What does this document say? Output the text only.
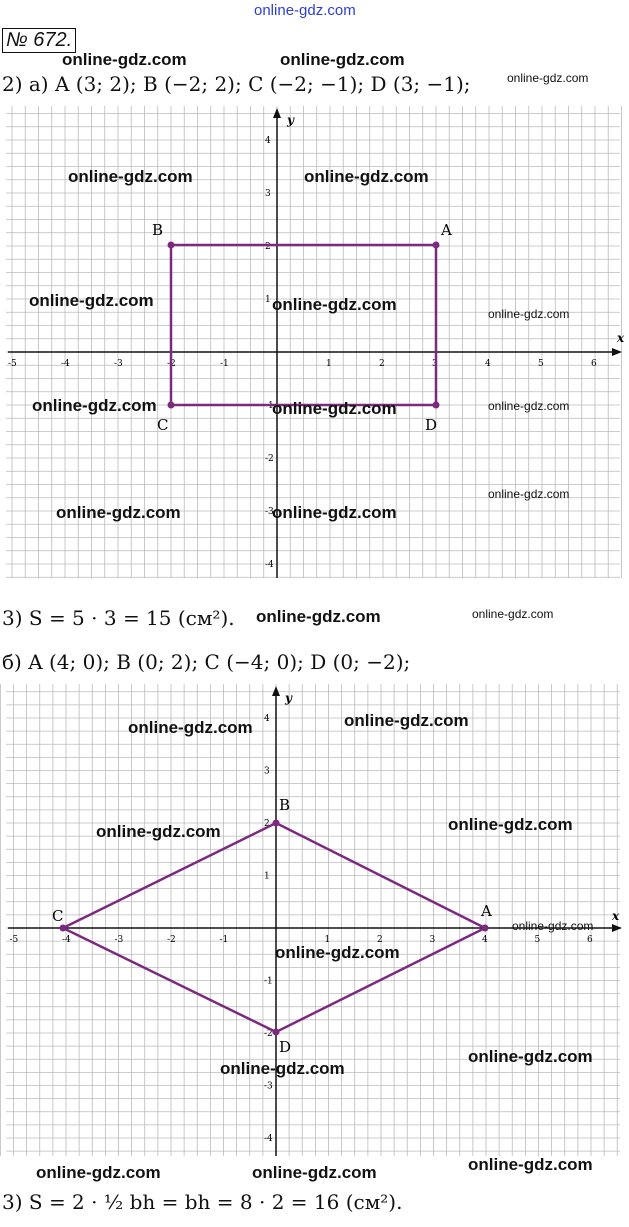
online-gdz.com
№ 672.
2) а) A (3; 2); B (−2; 2); C (−2; −1); D (3; −1);
x
y
-5	-4	-3	-2	-1	1	2	3	4	5	6
4
3
2
1
-1
-2
-3
-4
A
B
C	D
online-gdz.com	online-gdz.com
online-gdz.com
online-gdz.com	online-gdz.com
online-gdz.com	online-gdz.com	online-gdz.com
online-gdz.com	online-gdz.com	online-gdz.com
online-gdz.com
online-gdz.com	online-gdz.com
3) S = 5 · 3 = 15 (см²). online-gdz.com	online-gdz.com
б) A (4; 0); B (0; 2); C (−4; 0); D (0; −2);
x
y
-5	-4	-3	-2	-1	1	2	3	4	5	6
4
3
2
1
-1
-2
-3
-4
A
B
C
D
online-gdz.com	online-gdz.com
online-gdz.com	online-gdz.com
online-gdz.com
online-gdz.com
online-gdz.com
online-gdz.com
online-gdz.com	online-gdz.com	online-gdz.com
3) S = 2 · ½ bh = bh = 8 · 2 = 16 (см²).
